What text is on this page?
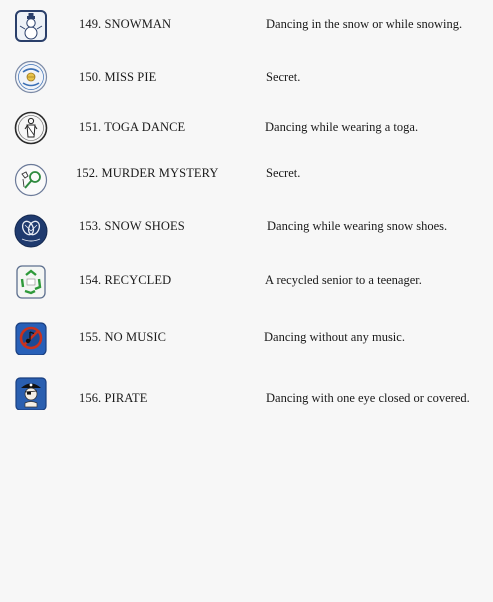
149. SNOWMAN	Dancing in the snow or while snowing.
150. MISS PIE	Secret.
151. TOGA DANCE	Dancing while wearing a toga.
152. MURDER MYSTERY	Secret.
153. SNOW SHOES	Dancing while wearing snow shoes.
154. RECYCLED	A recycled senior to a teenager.
155. NO MUSIC	Dancing without any music.
156. PIRATE	Dancing with one eye closed or covered.
